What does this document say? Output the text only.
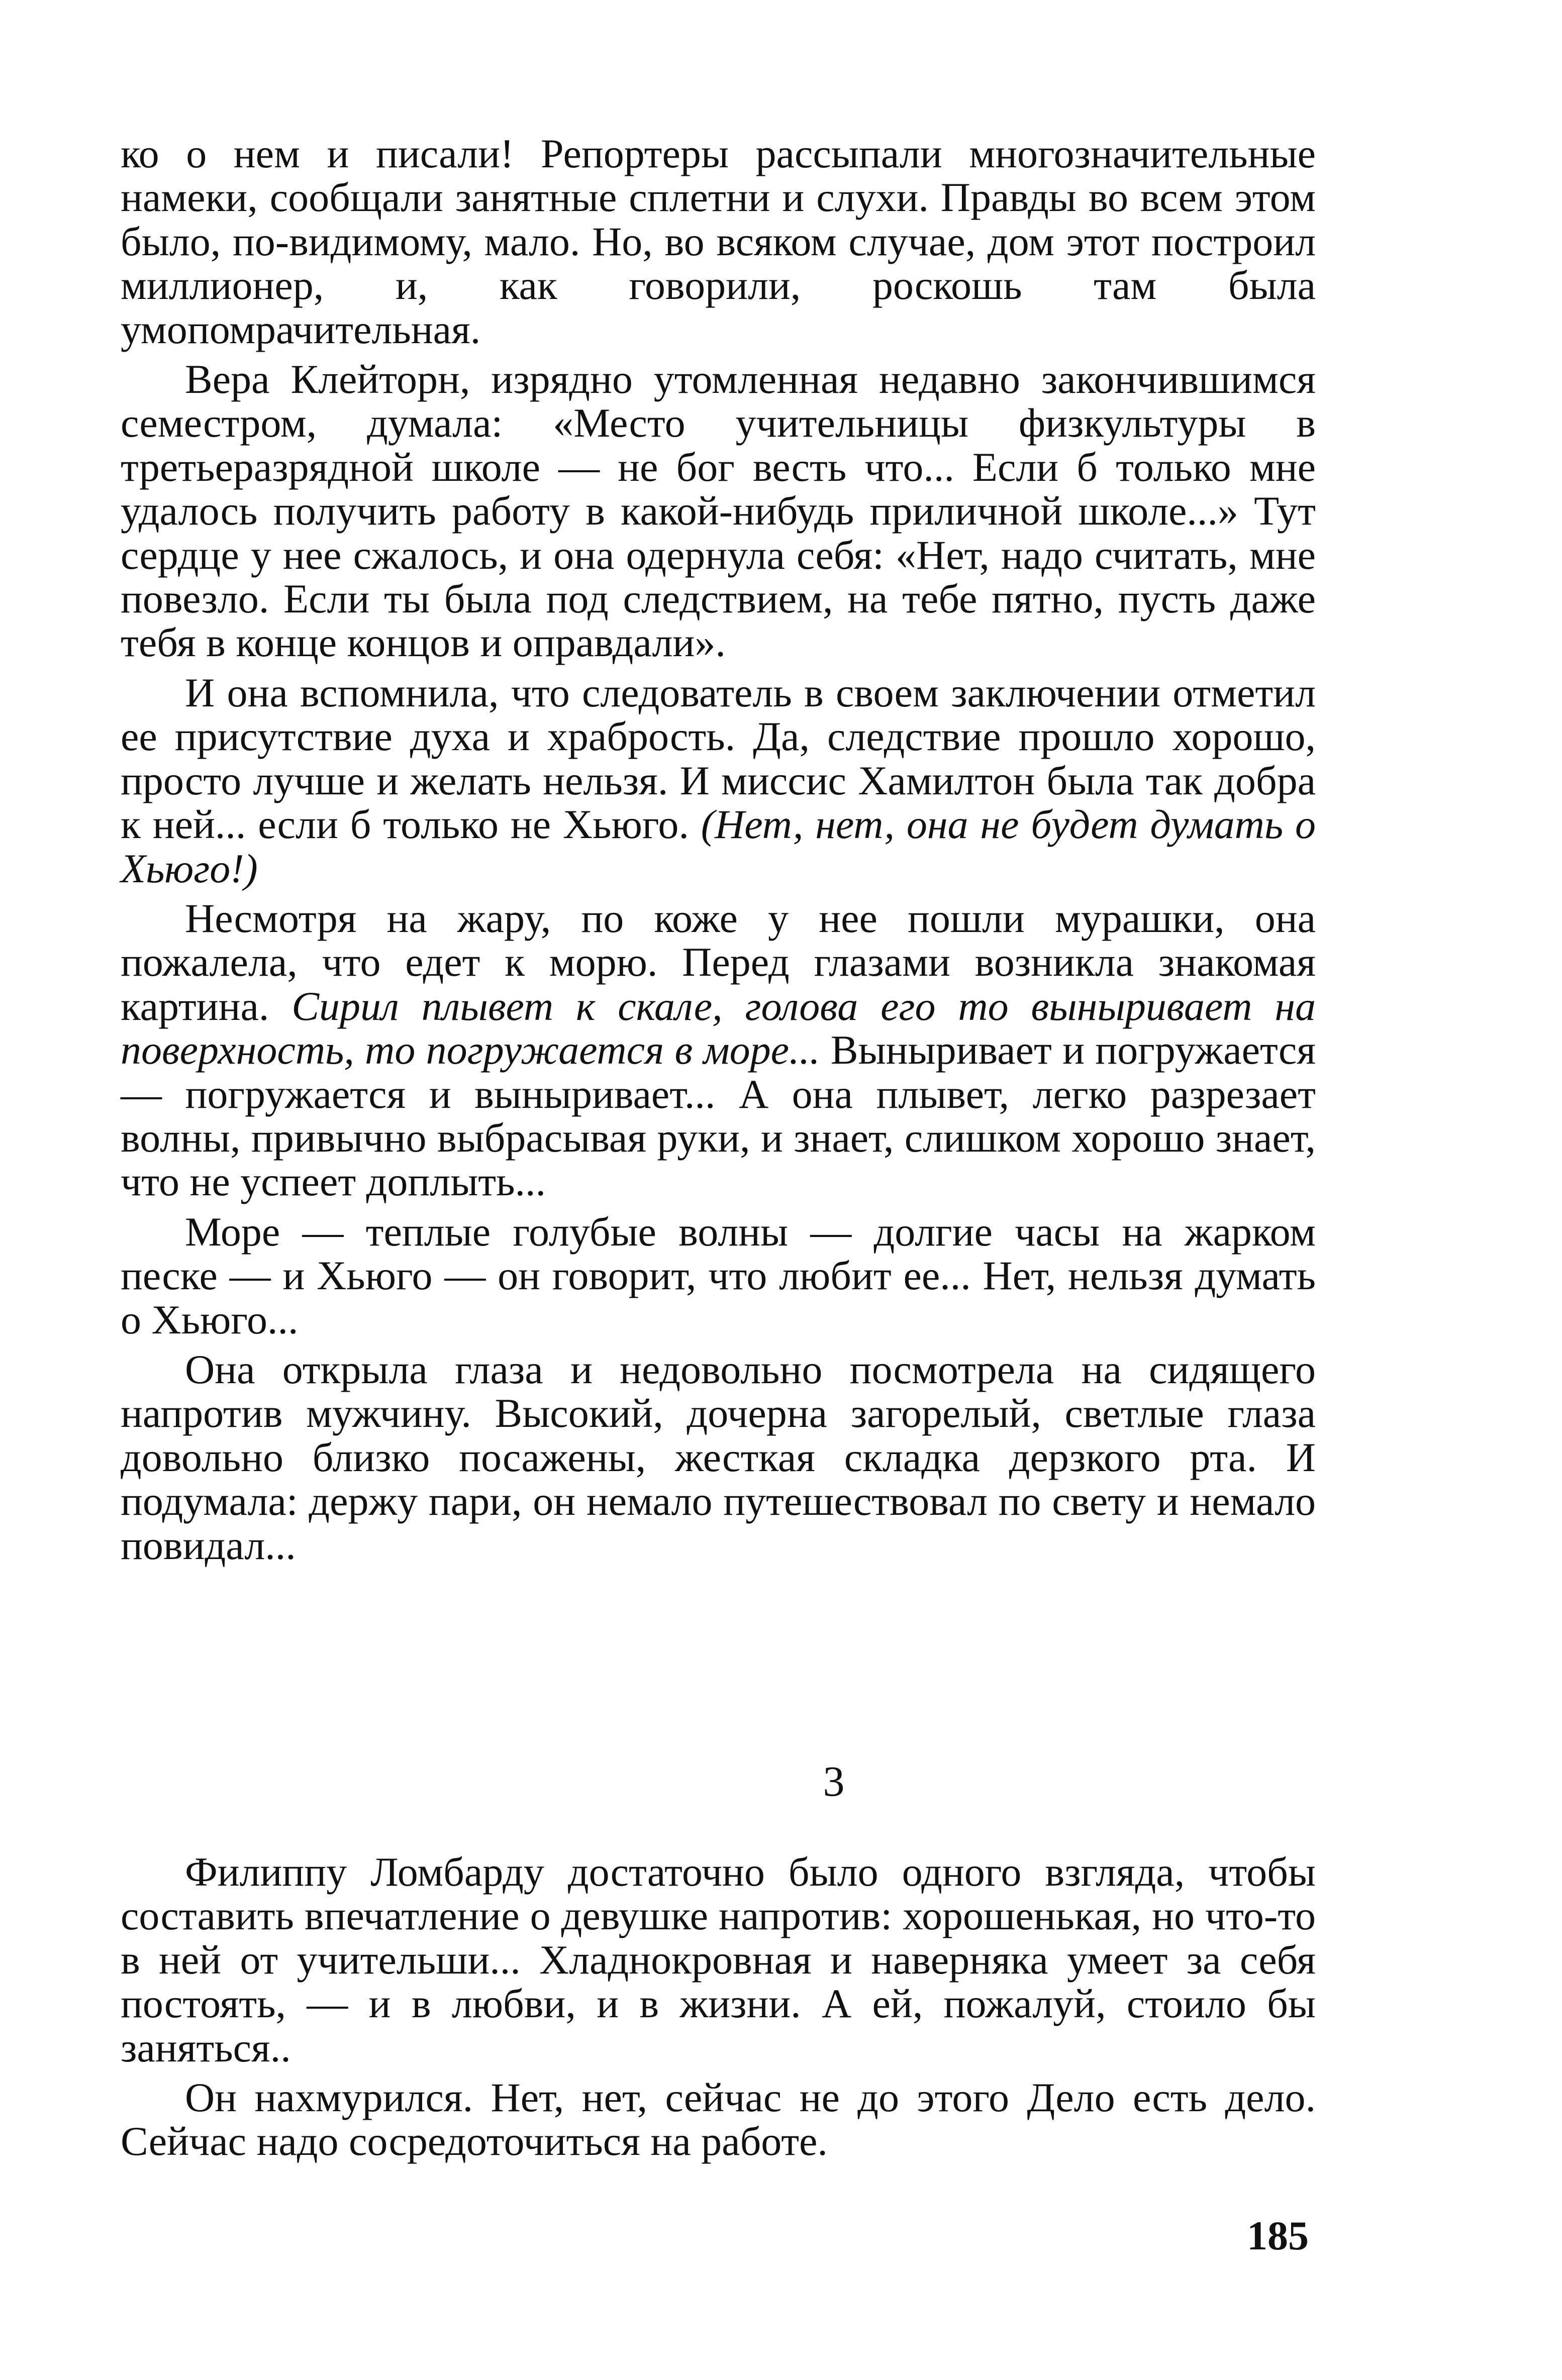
ко о нем и писали! Репортеры рассыпали многозначительные намеки, сообщали занятные сплетни и слухи. Правды во всем этом было, по-видимому, мало. Но, во всяком случае, дом этот построил миллионер, и, как говорили, роскошь там была умопомрачительная.

Вера Клейторн, изрядно утомленная недавно закончившимся семестром, думала: «Место учительницы физкультуры в третьеразрядной школе — не бог весть что... Если б только мне удалось получить работу в какой-нибудь приличной школе...» Тут сердце у нее сжалось, и она одернула себя: «Нет, надо считать, мне повезло. Если ты была под следствием, на тебе пятно, пусть даже тебя в конце концов и оправдали».

И она вспомнила, что следователь в своем заключении отметил ее присутствие духа и храбрость. Да, следствие прошло хорошо, просто лучше и желать нельзя. И миссис Хамилтон была так добра к ней... если б только не Хьюго. (Нет, нет, она не будет думать о Хьюго!)

Несмотря на жару, по коже у нее пошли мурашки, она пожалела, что едет к морю. Перед глазами возникла знакомая картина. Сирил плывет к скале, голова его то выныривает на поверхность, то погружается в море... Выныривает и погружается — погружается и выныривает... А она плывет, легко разрезает волны, привычно выбрасывая руки, и знает, слишком хорошо знает, что не успеет доплыть...

Море — теплые голубые волны — долгие часы на жарком песке — и Хьюго — он говорит, что любит ее... Нет, нельзя думать о Хьюго...

Она открыла глаза и недовольно посмотрела на сидящего напротив мужчину. Высокий, дочерна загорелый, светлые глаза довольно близко посажены, жесткая складка дерзкого рта. И подумала: держу пари, он немало путешествовал по свету и немало повидал...

3

Филиппу Ломбарду достаточно было одного взгляда, чтобы составить впечатление о девушке напротив: хорошенькая, но что-то в ней от учительши... Хладнокровная и наверняка умеет за себя постоять, — и в любви, и в жизни. А ей, пожалуй, стоило бы заняться..

Он нахмурился. Нет, нет, сейчас не до этого Дело есть дело. Сейчас надо сосредоточиться на работе.

185
